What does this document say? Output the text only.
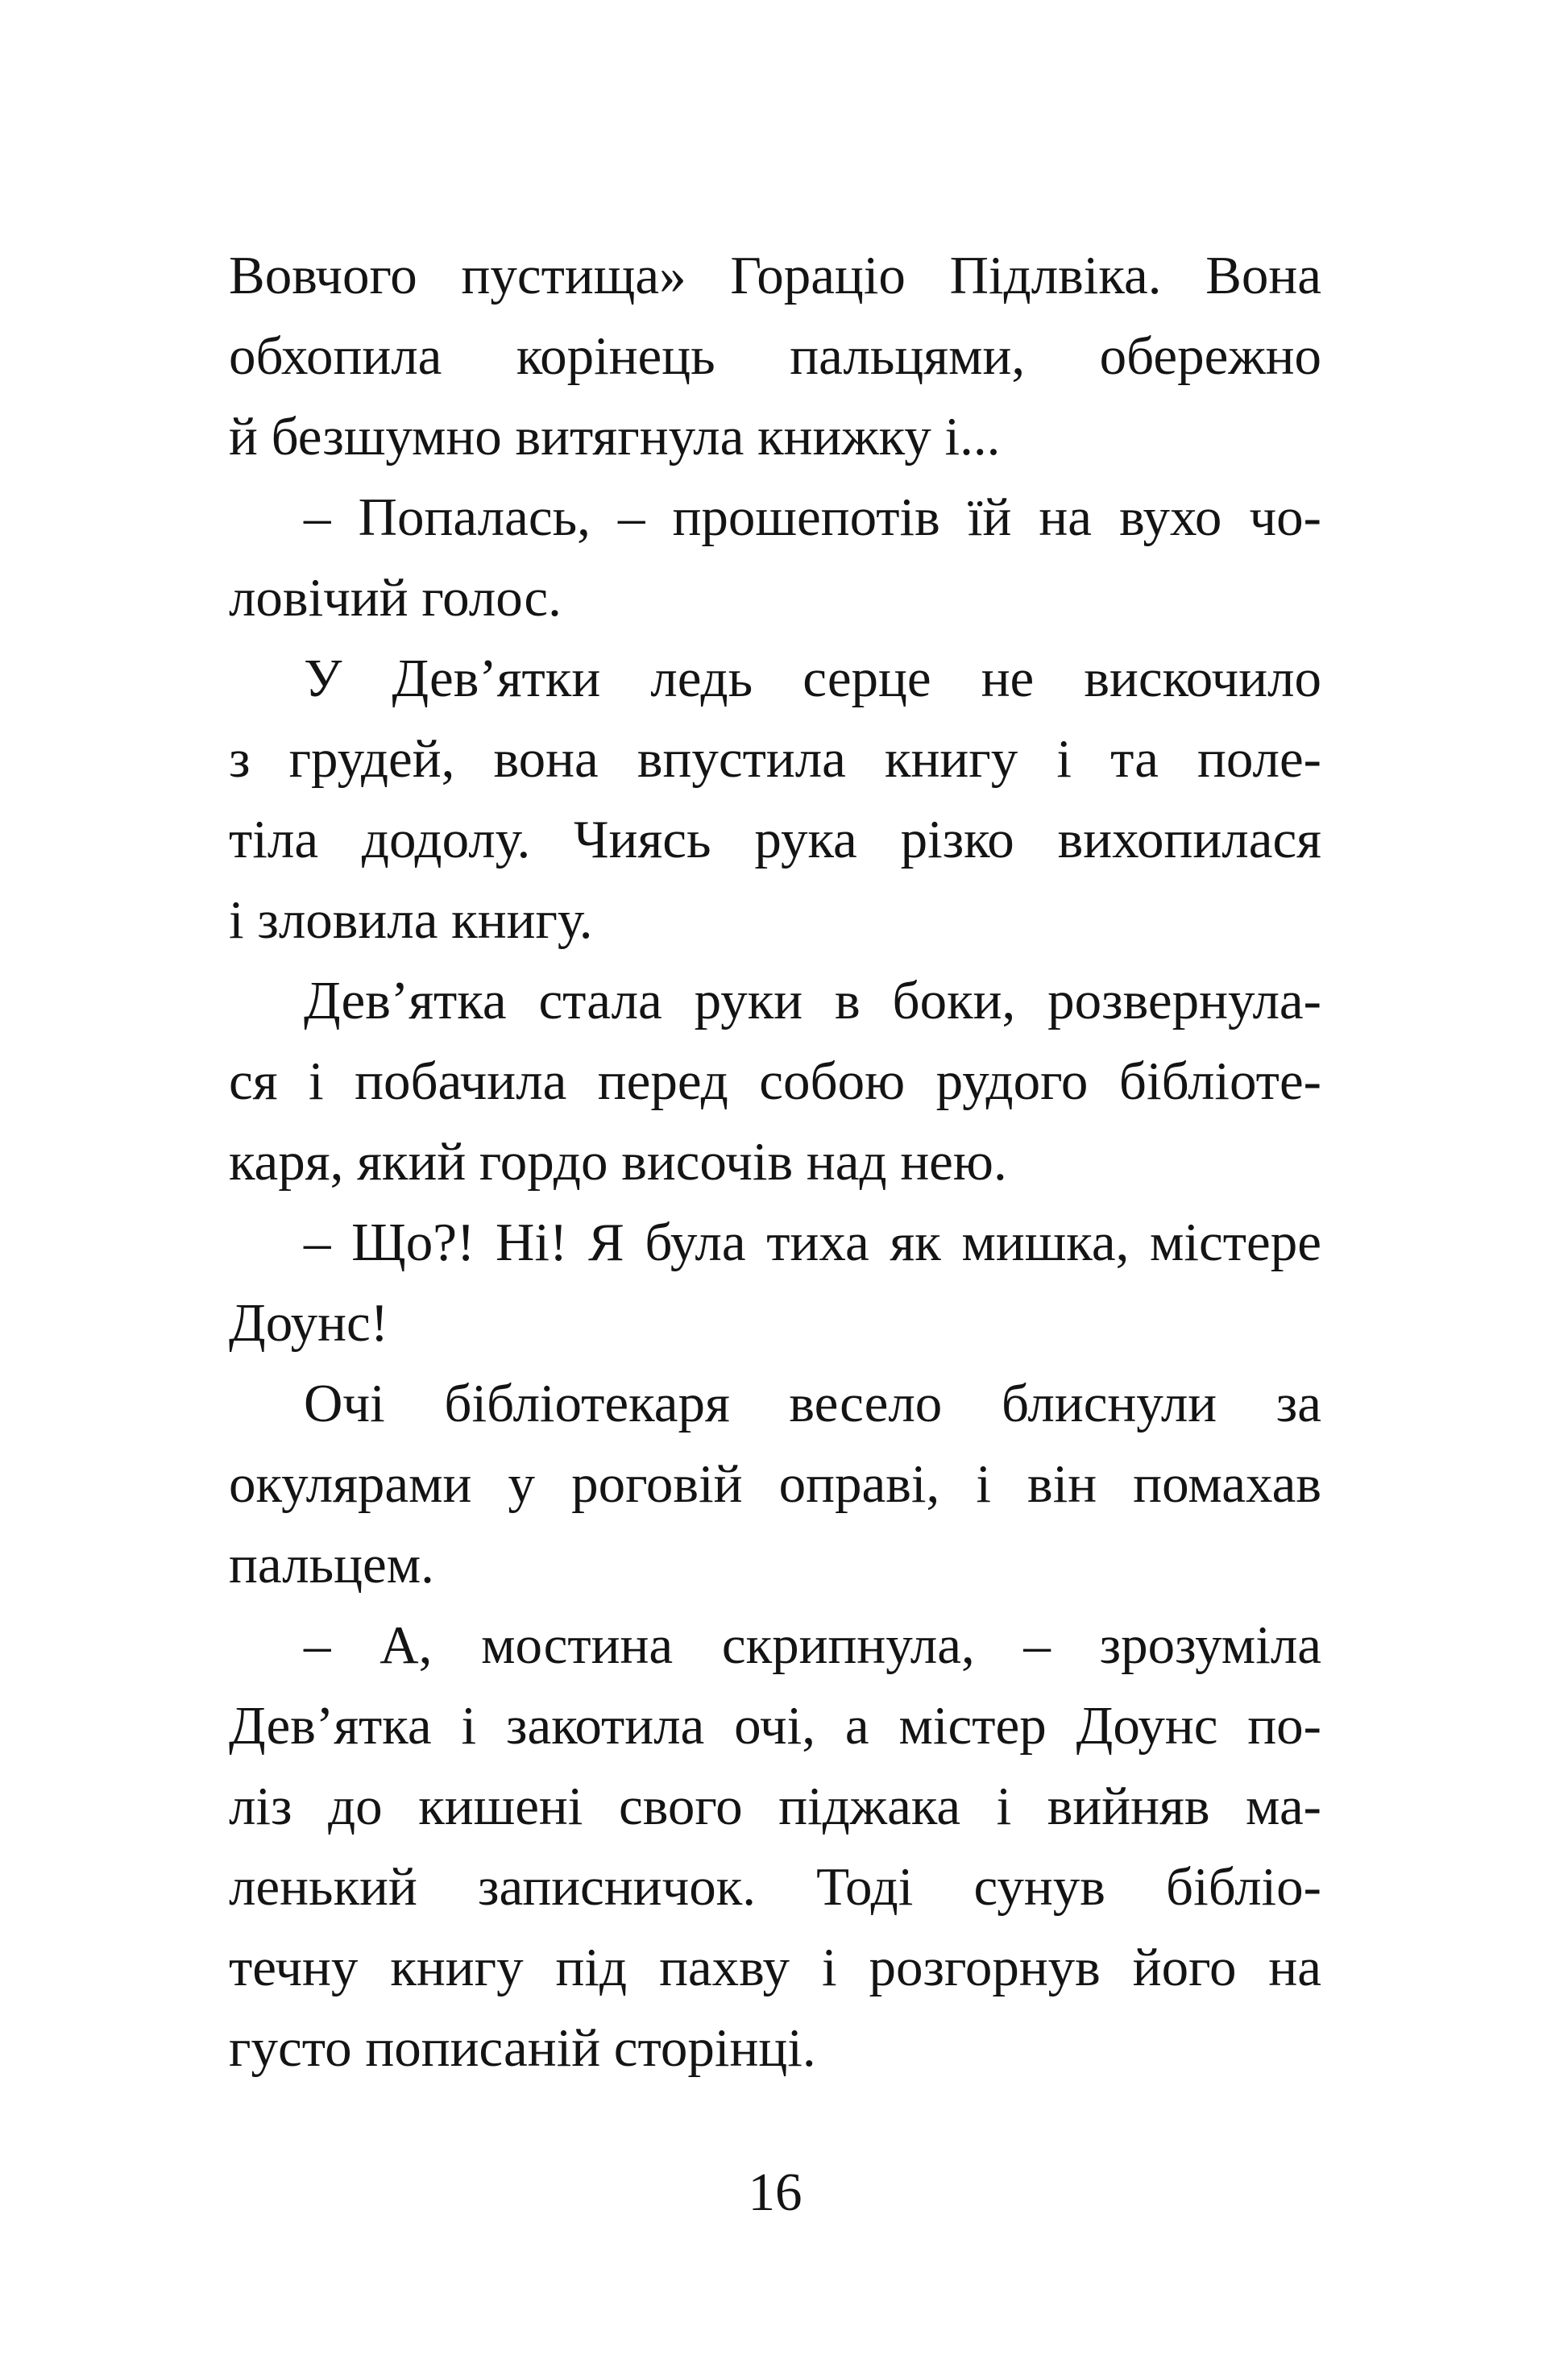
Вовчого пустища» Гораціо Підлвіка. Вона
обхопила корінець пальцями, обережно
й безшумно витягнула книжку і...
– Попалась, – прошепотів їй на вухо чо-
ловічий голос.
У Дев’ятки ледь серце не вискочило
з грудей, вона впустила книгу і та поле-
тіла додолу. Чиясь рука різко вихопилася
і зловила книгу.
Дев’ятка стала руки в боки, розвернула-
ся і побачила перед собою рудого бібліоте-
каря, який гордо височів над нею.
– Що?! Ні! Я була тиха як мишка, містере
Доунс!
Очі бібліотекаря весело блиснули за
окулярами у роговій оправі, і він помахав
пальцем.
– А, мостина скрипнула, – зрозуміла
Дев’ятка і закотила очі, а містер Доунс по-
ліз до кишені свого піджака і вийняв ма-
ленький записничок. Тоді сунув бібліо-
течну книгу під пахву і розгорнув його на
густо пописаній сторінці.
16
